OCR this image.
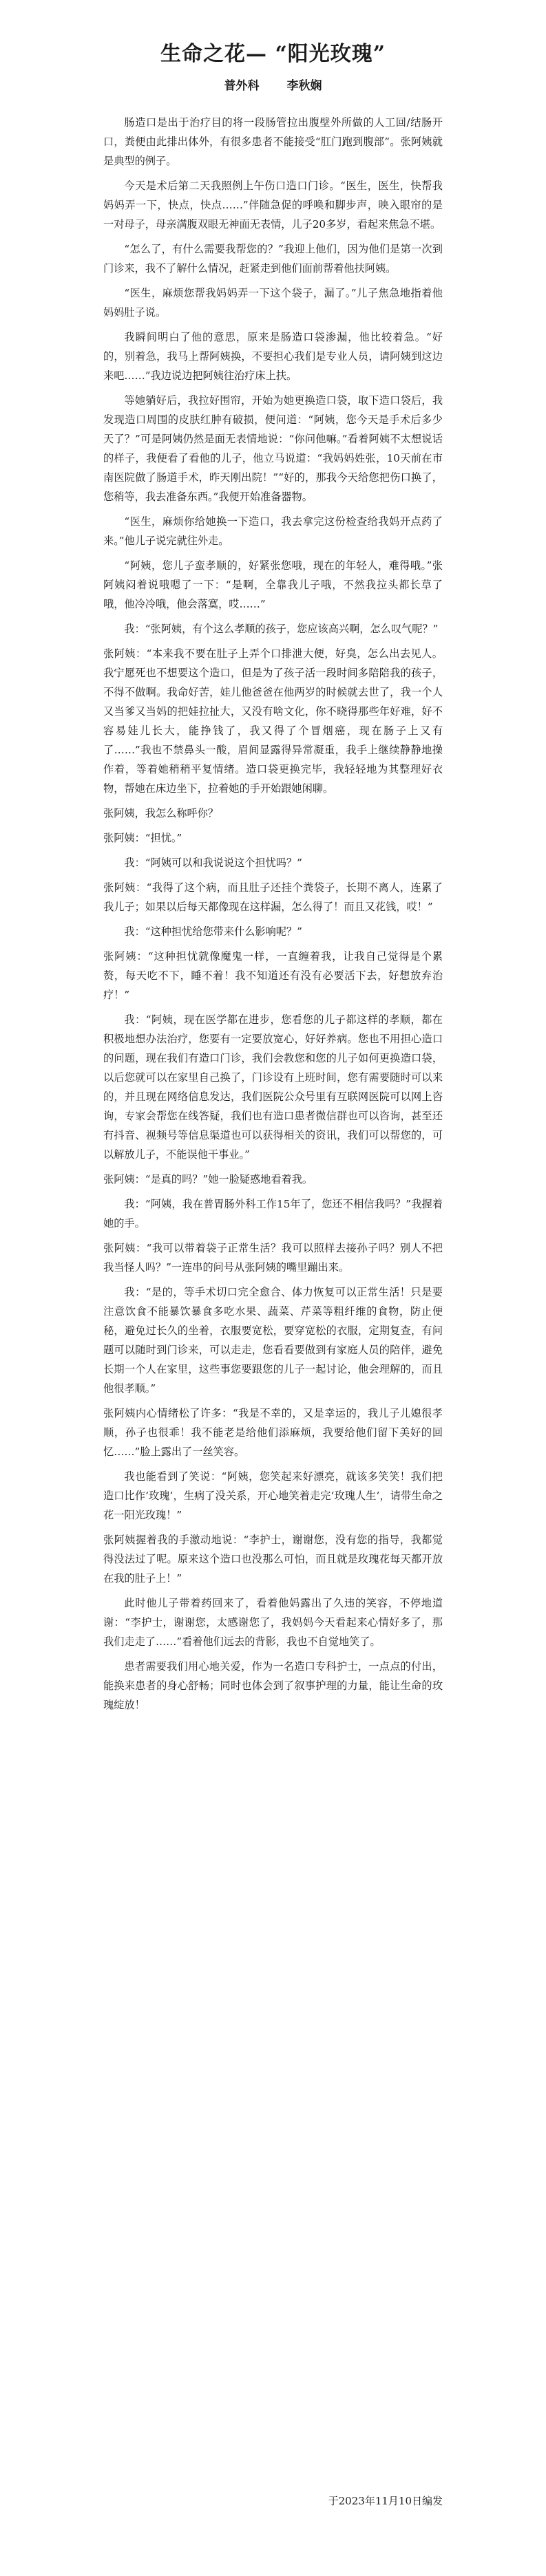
生命之花— “阳光玫瑰”
普外科 李秋娴

肠造口是出于治疗目的将一段肠管拉出腹壁外所做的人工回/结肠开口，粪便由此排出体外，有很多患者不能接受“肛门跑到腹部”。张阿姨就是典型的例子。

今天是术后第二天我照例上午伤口造口门诊。“医生，医生，快帮我妈妈弄一下，快点，快点……”伴随急促的呼唤和脚步声，映入眼帘的是一对母子，母亲满腹双眼无神面无表情，儿子20多岁，看起来焦急不堪。

“怎么了，有什么需要我帮您的？”我迎上他们，因为他们是第一次到门诊来，我不了解什么情况，赶紧走到他们面前帮着他扶阿姨。

“医生，麻烦您帮我妈妈弄一下这个袋子，漏了。”儿子焦急地指着他妈妈肚子说。

我瞬间明白了他的意思，原来是肠造口袋渗漏，他比较着急。“好的，别着急，我马上帮阿姨换，不要担心我们是专业人员，请阿姨到这边来吧……”我边说边把阿姨往治疗床上扶。

等她躺好后，我拉好围帘，开始为她更换造口袋，取下造口袋后，我发现造口周围的皮肤红肿有破损，便问道：“阿姨，您今天是手术后多少天了？”可是阿姨仍然是面无表情地说：“你问他嘛。”看着阿姨不太想说话的样子，我便看了看他的儿子，他立马说道：“我妈妈姓张，10天前在市南医院做了肠道手术，昨天刚出院！”“好的，那我今天给您把伤口换了，您稍等，我去准备东西。”我便开始准备器物。

“医生，麻烦你给她换一下造口，我去拿完这份检查给我妈开点药了来。”他儿子说完就往外走。

“阿姨，您儿子蛮孝顺的，好紧张您哦，现在的年轻人，难得哦。”张阿姨闷着说哦嗯了一下：“是啊，全靠我儿子哦，不然我拉头都长草了哦，他冷冷哦，他会落寞，哎……”

我：“张阿姨，有个这么孝顺的孩子，您应该高兴啊，怎么叹气呢？”

张阿姨：“本来我不要在肚子上弄个口排泄大便，好臭，怎么出去见人。我宁愿死也不想要这个造口，但是为了孩子活一段时间多陪陪我的孩子，不得不做啊。我命好苦，娃儿他爸爸在他两岁的时候就去世了，我一个人又当爹又当妈的把娃拉扯大，又没有啥文化，你不晓得那些年好难，好不容易娃儿长大，能挣钱了，我又得了个冒烟癌，现在肠子上又有了……”我也不禁鼻头一酸，眉间显露得异常凝重，我手上继续静静地操作着，等着她稍稍平复情绪。造口袋更换完毕，我轻轻地为其整理好衣物，帮她在床边坐下，拉着她的手开始跟她闲聊。

张阿姨，我怎么称呼你？

张阿姨：“担忧。”

我：“阿姨可以和我说说这个担忧吗？”

张阿姨：“我得了这个病，而且肚子还挂个粪袋子，长期不离人，连累了我儿子；如果以后每天都像现在这样漏，怎么得了！而且又花钱，哎！”

我：“这种担忧给您带来什么影响呢？”

张阿姨：“这种担忧就像魔鬼一样，一直缠着我，让我自己觉得是个累赘，每天吃不下，睡不着！我不知道还有没有必要活下去，好想放弃治疗！”

我：“阿姨，现在医学都在进步，您看您的儿子都这样的孝顺，都在积极地想办法治疗，您要有一定要放宽心，好好养病。您也不用担心造口的问题，现在我们有造口门诊，我们会教您和您的儿子如何更换造口袋，以后您就可以在家里自己换了，门诊设有上班时间，您有需要随时可以来的，并且现在网络信息发达，我们医院公众号里有互联网医院可以网上咨询，专家会帮您在线答疑，我们也有造口患者微信群也可以咨询，甚至还有抖音、视频号等信息渠道也可以获得相关的资讯，我们可以帮您的，可以解放儿子，不能误他干事业。”

张阿姨：“是真的吗？”她一脸疑惑地看着我。

我：“阿姨，我在普胃肠外科工作15年了，您还不相信我吗？”我握着她的手。

张阿姨：“我可以带着袋子正常生活？我可以照样去接孙子吗？别人不把我当怪人吗？”一连串的问号从张阿姨的嘴里蹦出来。

我：“是的，等手术切口完全愈合、体力恢复可以正常生活！只是要注意饮食不能暴饮暴食多吃水果、蔬菜、芹菜等粗纤维的食物，防止便秘，避免过长久的坐着，衣服要宽松，要穿宽松的衣服，定期复查，有问题可以随时到门诊来，可以走走，您看看要做到有家庭人员的陪伴，避免长期一个人在家里，这些事您要跟您的儿子一起讨论，他会理解的，而且他很孝顺。”

张阿姨内心情绪松了许多：“我是不幸的，又是幸运的，我儿子儿媳很孝顺，孙子也很乖！我不能老是给他们添麻烦，我要给他们留下美好的回忆……”脸上露出了一丝笑容。

我也能看到了笑说：“阿姨，您笑起来好漂亮，就该多笑笑！我们把造口比作‘玫瑰’，生病了没关系，开心地笑着走完‘玫瑰人生’，请带生命之花一阳光玫瑰！”

张阿姨握着我的手激动地说：“李护士，谢谢您，没有您的指导，我都觉得没法过了呢。原来这个造口也没那么可怕，而且就是玫瑰花每天都开放在我的肚子上！”

此时他儿子带着药回来了，看着他妈露出了久违的笑容，不停地道谢：“李护士，谢谢您，太感谢您了，我妈妈今天看起来心情好多了，那我们走走了……”看着他们远去的背影，我也不自觉地笑了。

患者需要我们用心地关爱，作为一名造口专科护士，一点点的付出，能换来患者的身心舒畅；同时也体会到了叙事护理的力量，能让生命的玫瑰绽放！

于2023年11月10日编发
